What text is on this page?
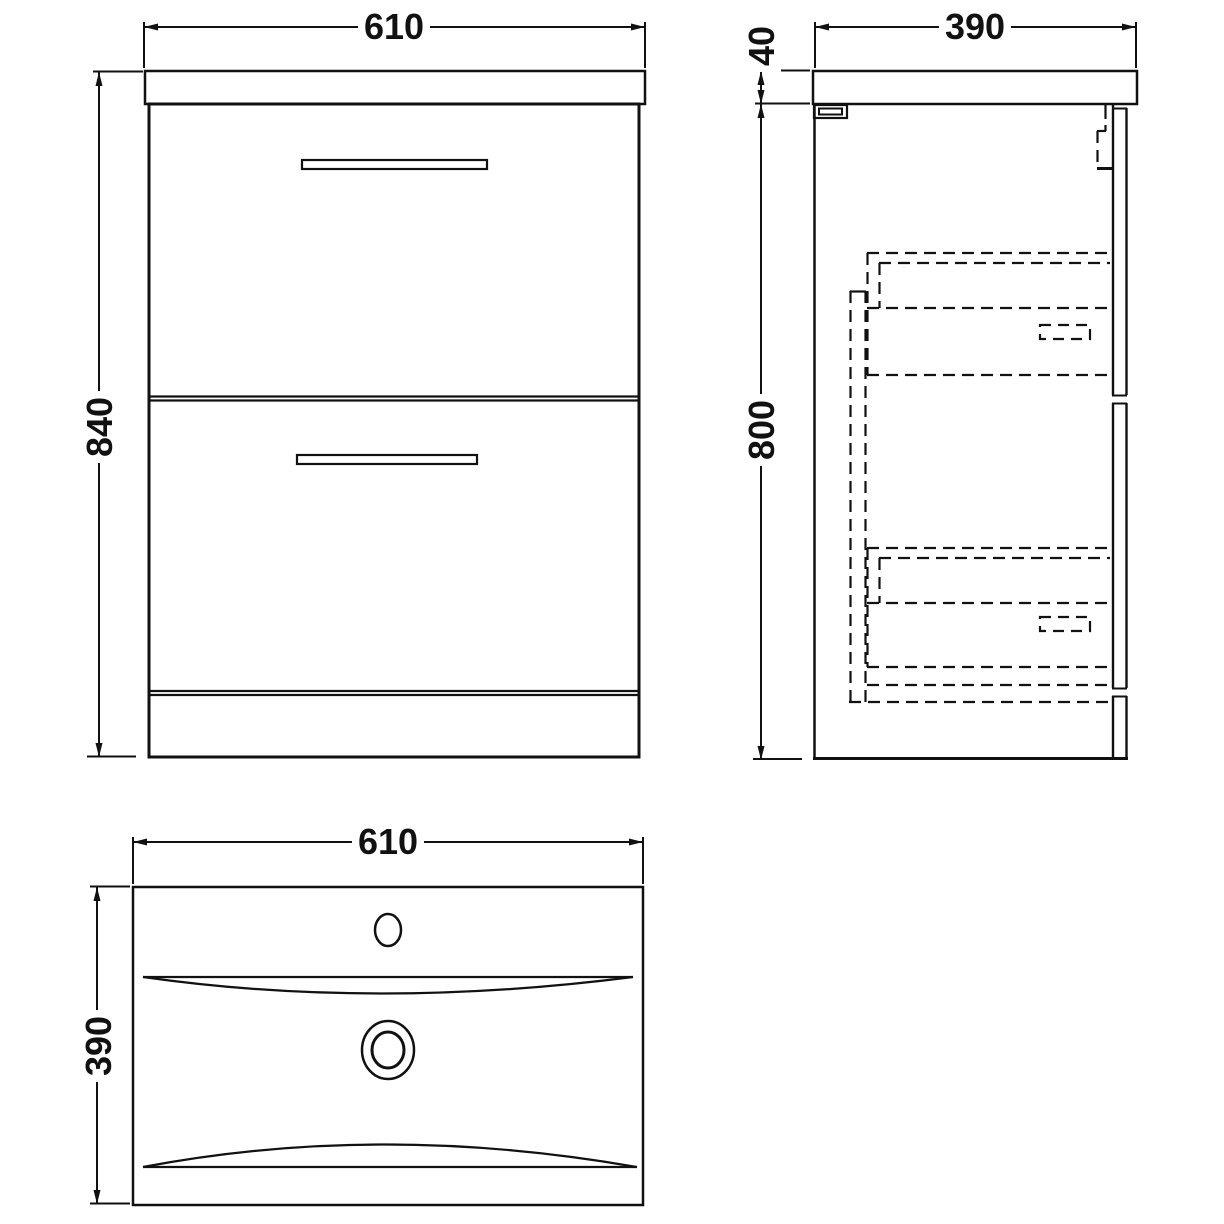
610
840
390
40
800
610
390
